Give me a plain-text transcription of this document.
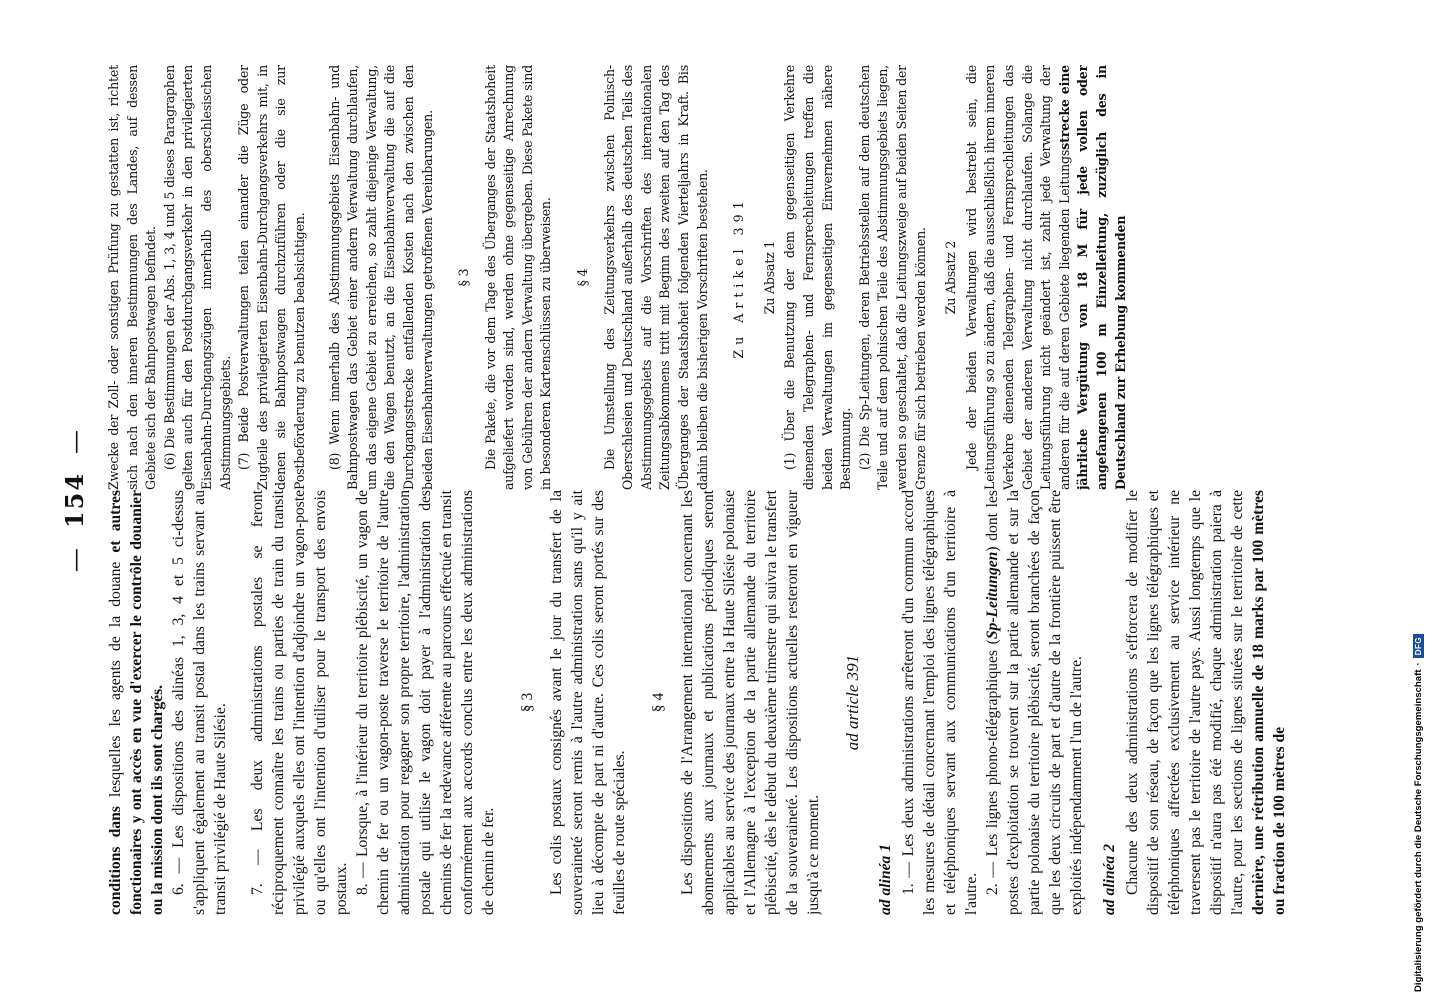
—154—

conditions dans lesquelles les agents de la douane et autres fonctionaires y ont accès en vue d'exercer le contrôle douanier ou la mission dont ils sont chargés. 6. — Les dispositions des alinéas 1, 3, 4 et 5 ci-dessus s'appliquent également au transit postal dans les trains servant au transit privilégié de Haute Silésie. 7. — Les deux administrations postales se feront réciproquement connaître les trains ou parties de train du transit privilégié auxquels elles ont l'intention d'adjoindre un vagon-poste ou qu'elles ont l'intention d'utiliser pour le transport des envois postaux. 8. — Lorsque, à l'intérieur du territoire plébiscité, un vagon de chemin de fer ou un vagon-poste traverse le territoire de l'autre administration pour regagner son propre territoire, l'administration postale qui utilise le vagon doit payer à l'administration des chemins de fer la redevance afférente au parcours effectué en transit conformément aux accords conclus entre les deux administrations de chemin de fer.

§ 3 Les colis postaux consignés avant le jour du transfert de la souveraineté seront remis à l'autre administration sans qu'il y ait lieu à décompte de part ni d'autre. Ces colis seront portés sur des feuilles de route spéciales.

§ 4 Les dispositions de l'Arrangement international concernant les abonnements aux journaux et publications périodiques seront applicables au service des journaux entre la Haute Silésie polonaise et l'Allemagne à l'exception de la partie allemande du territoire plébiscité, dès le début du deuxième trimestre qui suivra le transfert de la souveraineté. Les dispositions actuelles resteront en vigueur jusqu'à ce moment.

ad article 391

ad alinéa 1 1. — Les deux administrations arrêteront d'un commun accord les mesures de détail concernant l'emploi des lignes télégraphiques et téléphoniques servant aux communications d'un territoire à l'autre. 2. — Les lignes phono-télégraphiques (Sp-Leitungen) dont les postes d'exploitation se trouvent sur la partie allemande et sur la partie polonaise du territoire plébiscité, seront branchées de façon que les deux circuits de part et d'autre de la frontière puissent être exploités indépendamment l'un de l'autre. ad alinéa 2 Chacune des deux administrations s'efforcera de modifier le dispositif de son réseau, de façon que les lignes télégraphiques et téléphoniques affectées exclusivement au service intérieur ne traversent pas le territoire de l'autre pays. Aussi longtemps que le dispositif n'aura pas été modifié, chaque administration paiera à l'autre, pour les sections de lignes situées sur le territoire de cette dernière, une rétribution annuelle de 18 marks par 100 mètres ou fraction de 100 mètres de

Zwecke der Zoll- oder sonstigen Prüfung zu gestatten ist, richtet sich nach den inneren Bestimmungen des Landes, auf dessen Gebiete sich der Bahnpostwagen befindet. (6) Die Bestimmungen der Abs. 1, 3, 4 und 5 dieses Paragraphen gelten auch für den Postdurchgangsverkehr in den privilegierten Eisenbahn-Durchgangszügen innerhalb des oberschlesischen Abstimmungsgebiets. (7) Beide Postverwaltungen teilen einander die Züge oder Zugteile des privilegierten Eisenbahn-Durchgangsverkehrs mit, in denen sie Bahnpostwagen durchzuführen oder die sie zur Postbeförderung zu benutzen beabsichtigen. (8) Wenn innerhalb des Abstimmungsgebiets Eisenbahn- und Bahnpostwagen das Gebiet einer andern Verwaltung durchlaufen, um das eigene Gebiet zu erreichen, so zahlt diejenige Verwaltung, die den Wagen benutzt, an die Eisenbahnverwaltung die auf die Durchgangsstrecke entfallenden Kosten nach den zwischen den beiden Eisenbahnverwaltungen getroffenen Vereinbarungen. § 3 Die Pakete, die vor dem Tage des Überganges der Staatshoheit aufgeliefert worden sind, werden ohne gegenseitige Anrechnung von Gebühren der andern Verwaltung übergeben. Diese Pakete sind in besonderen Kartenschlüssen zu überweisen. § 4 Die Umstellung des Zeitungsverkehrs zwischen Polnisch-Oberschlesien und Deutschland außerhalb des deutschen Teils des Abstimmungsgebiets auf die Vorschriften des internationalen Zeitungsabkommens tritt mit Beginn des zweiten auf den Tag des Überganges der Staatshoheit folgenden Vierteljahrs in Kraft. Bis dahin bleiben die bisherigen Vorschriften bestehen. Zu Artikel 391 Zu Absatz 1 (1) Über die Benutzung der dem gegenseitigen Verkehre dienenden Telegraphen- und Fernsprechleitungen treffen die beiden Verwaltungen im gegenseitigen Einvernehmen nähere Bestimmung. (2) Die Sp-Leitungen, deren Betriebsstellen auf dem deutschen Teile und auf dem polnischen Teile des Abstimmungsgebiets liegen, werden so geschaltet, daß die Leitungszweige auf beiden Seiten der Grenze für sich betrieben werden können. Zu Absatz 2 Jede der beiden Verwaltungen wird bestrebt sein, die Leitungsführung so zu ändern, daß die ausschließlich ihrem inneren Verkehre dienenden Telegraphen- und Fernsprechleitungen das Gebiet der anderen Verwaltung nicht durchlaufen. Solange die Leitungsführung nicht geändert ist, zahlt jede Verwaltung der anderen für die auf deren Gebiete liegenden Leitungsstrecke eine jährliche Vergütung von 18 M für jede vollen oder angefangenen 100 m Einzelleitung, zuzüglich des in Deutschland zur Erhebung kommenden

Digitalisierung gefördert durch die Deutsche Forschungsgemeinschaft
·
DFG
